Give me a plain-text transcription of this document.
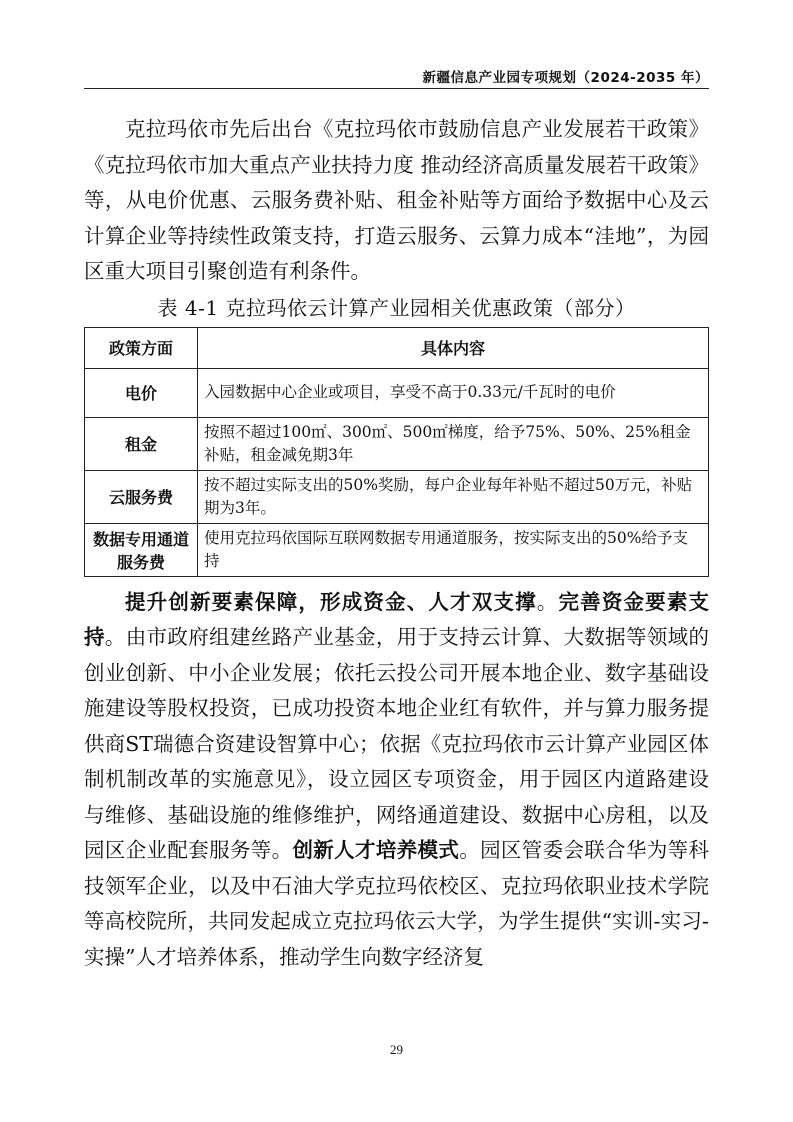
新疆信息产业园专项规划（2024-2035 年）

克拉玛依市先后出台《克拉玛依市鼓励信息产业发展若干政策》《克拉玛依市加大重点产业扶持力度 推动经济高质量发展若干政策》等，从电价优惠、云服务费补贴、租金补贴等方面给予数据中心及云计算企业等持续性政策支持，打造云服务、云算力成本“洼地”，为园区重大项目引聚创造有利条件。

表 4-1 克拉玛依云计算产业园相关优惠政策（部分）
政策方面	具体内容
电价	入园数据中心企业或项目，享受不高于0.33元/千瓦时的电价
租金	按照不超过100㎡、300㎡、500㎡梯度，给予75%、50%、25%租金补贴，租金减免期3年
云服务费	按不超过实际支出的50%奖励，每户企业每年补贴不超过50万元，补贴期为3年。
数据专用通道服务费	使用克拉玛依国际互联网数据专用通道服务，按实际支出的50%给予支持

提升创新要素保障，形成资金、人才双支撑。完善资金要素支持。由市政府组建丝路产业基金，用于支持云计算、大数据等领域的创业创新、中小企业发展；依托云投公司开展本地企业、数字基础设施建设等股权投资，已成功投资本地企业红有软件，并与算力服务提供商ST瑞德合资建设智算中心；依据《克拉玛依市云计算产业园区体制机制改革的实施意见》，设立园区专项资金，用于园区内道路建设与维修、基础设施的维修维护，网络通道建设、数据中心房租，以及园区企业配套服务等。创新人才培养模式。园区管委会联合华为等科技领军企业，以及中石油大学克拉玛依校区、克拉玛依职业技术学院等高校院所，共同发起成立克拉玛依云大学，为学生提供“实训-实习-实操”人才培养体系，推动学生向数字经济复

29
